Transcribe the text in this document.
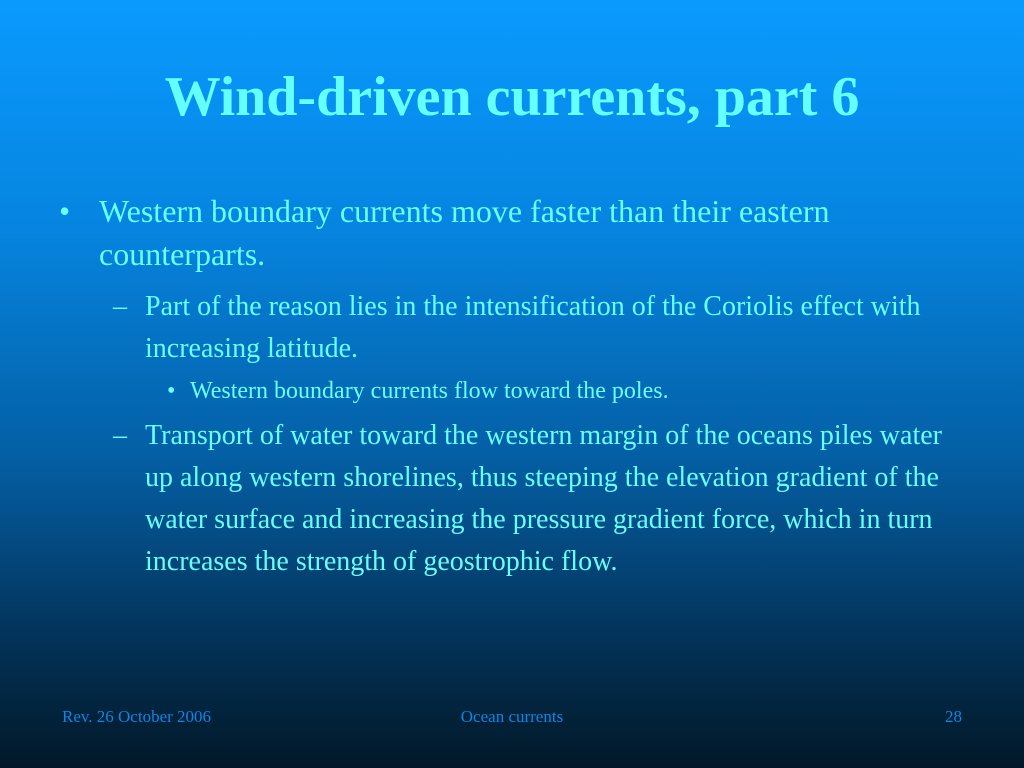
Wind-driven currents, part 6
• Western boundary currents move faster than their eastern counterparts.
– Part of the reason lies in the intensification of the Coriolis effect with increasing latitude.
• Western boundary currents flow toward the poles.
– Transport of water toward the western margin of the oceans piles water up along western shorelines, thus steeping the elevation gradient of the water surface and increasing the pressure gradient force, which in turn increases the strength of geostrophic flow.
Rev. 26 October 2006	Ocean currents	28
